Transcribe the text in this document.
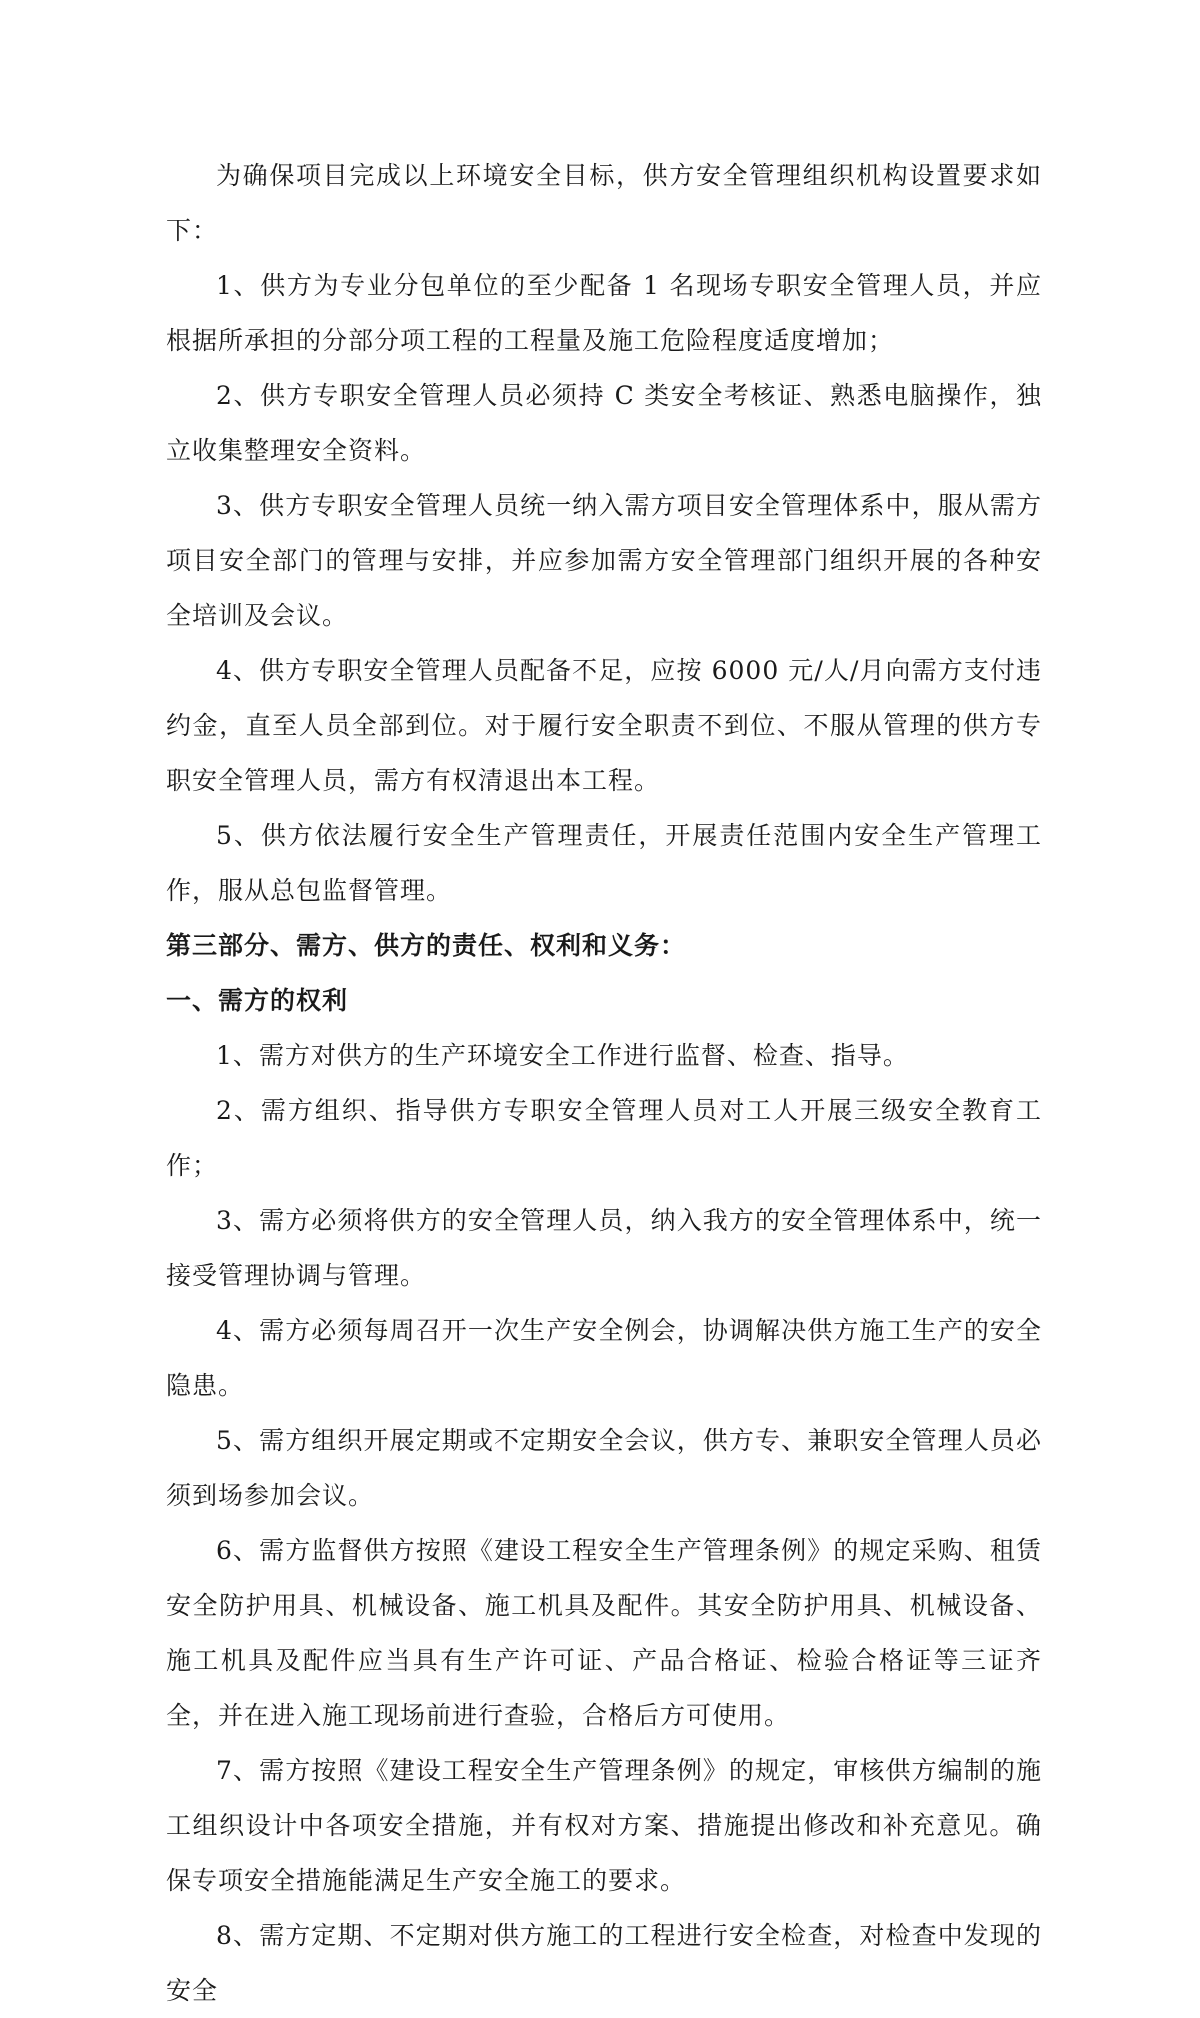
为确保项目完成以上环境安全目标，供方安全管理组织机构设置要求如下：

1、供方为专业分包单位的至少配备 1 名现场专职安全管理人员，并应根据所承担的分部分项工程的工程量及施工危险程度适度增加；

2、供方专职安全管理人员必须持 C 类安全考核证、熟悉电脑操作，独立收集整理安全资料。

3、供方专职安全管理人员统一纳入需方项目安全管理体系中，服从需方项目安全部门的管理与安排，并应参加需方安全管理部门组织开展的各种安全培训及会议。

4、供方专职安全管理人员配备不足，应按 6000 元/人/月向需方支付违约金，直至人员全部到位。对于履行安全职责不到位、不服从管理的供方专职安全管理人员，需方有权清退出本工程。

5、供方依法履行安全生产管理责任，开展责任范围内安全生产管理工作，服从总包监督管理。

第三部分、需方、供方的责任、权利和义务：

一、需方的权利

1、需方对供方的生产环境安全工作进行监督、检查、指导。

2、需方组织、指导供方专职安全管理人员对工人开展三级安全教育工作；

3、需方必须将供方的安全管理人员，纳入我方的安全管理体系中，统一接受管理协调与管理。

4、需方必须每周召开一次生产安全例会，协调解决供方施工生产的安全隐患。

5、需方组织开展定期或不定期安全会议，供方专、兼职安全管理人员必须到场参加会议。

6、需方监督供方按照《建设工程安全生产管理条例》的规定采购、租赁安全防护用具、机械设备、施工机具及配件。其安全防护用具、机械设备、施工机具及配件应当具有生产许可证、产品合格证、检验合格证等三证齐全，并在进入施工现场前进行查验，合格后方可使用。

7、需方按照《建设工程安全生产管理条例》的规定，审核供方编制的施工组织设计中各项安全措施，并有权对方案、措施提出修改和补充意见。确保专项安全措施能满足生产安全施工的要求。

8、需方定期、不定期对供方施工的工程进行安全检查，对检查中发现的安全
